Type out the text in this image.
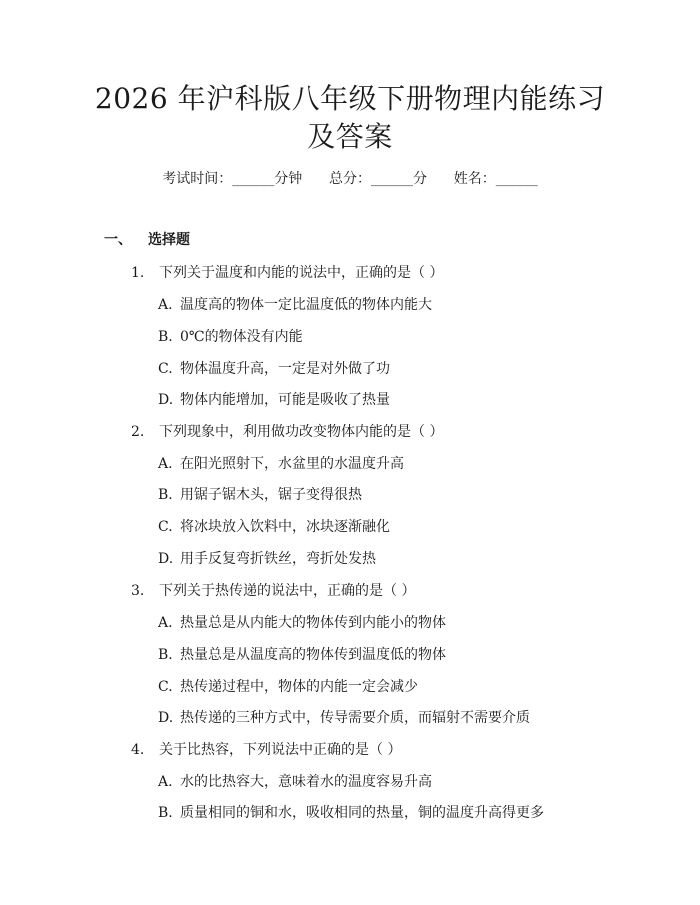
2026 年沪科版八年级下册物理内能练习及答案
考试时间：______分钟      总分：______分      姓名：______
一、 选择题
1. 下列关于温度和内能的说法中，正确的是（ ）
A. 温度高的物体一定比温度低的物体内能大
B. 0℃的物体没有内能
C. 物体温度升高，一定是对外做了功
D. 物体内能增加，可能是吸收了热量
2. 下列现象中，利用做功改变物体内能的是（ ）
A. 在阳光照射下，水盆里的水温度升高
B. 用锯子锯木头，锯子变得很热
C. 将冰块放入饮料中，冰块逐渐融化
D. 用手反复弯折铁丝，弯折处发热
3. 下列关于热传递的说法中，正确的是（ ）
A. 热量总是从内能大的物体传到内能小的物体
B. 热量总是从温度高的物体传到温度低的物体
C. 热传递过程中，物体的内能一定会减少
D. 热传递的三种方式中，传导需要介质，而辐射不需要介质
4. 关于比热容，下列说法中正确的是（ ）
A. 水的比热容大，意味着水的温度容易升高
B. 质量相同的铜和水，吸收相同的热量，铜的温度升高得更多
